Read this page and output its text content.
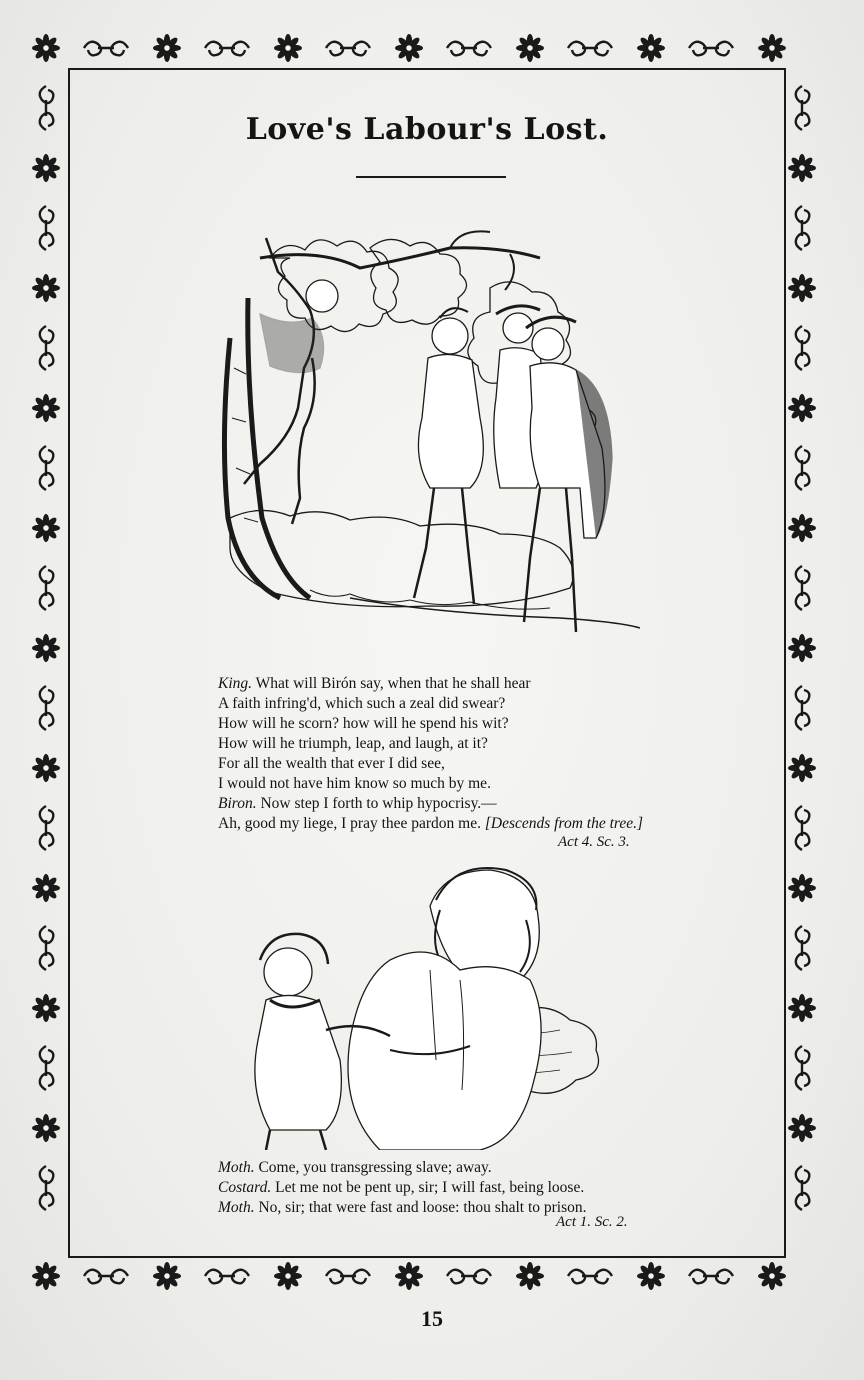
Love's Labour's Lost.
King. What will Birón say, when that he shall hear
A faith infring'd, which such a zeal did swear?
How will he scorn? how will he spend his wit?
How will he triumph, leap, and laugh, at it?
For all the wealth that ever I did see,
I would not have him know so much by me.
Biron. Now step I forth to whip hypocrisy.—
Ah, good my liege, I pray thee pardon me. [Descends from the tree.]
Act 4. Sc. 3.
Moth. Come, you transgressing slave; away.
Costard. Let me not be pent up, sir; I will fast, being loose.
Moth. No, sir; that were fast and loose: thou shalt to prison.
Act 1. Sc. 2.
15
